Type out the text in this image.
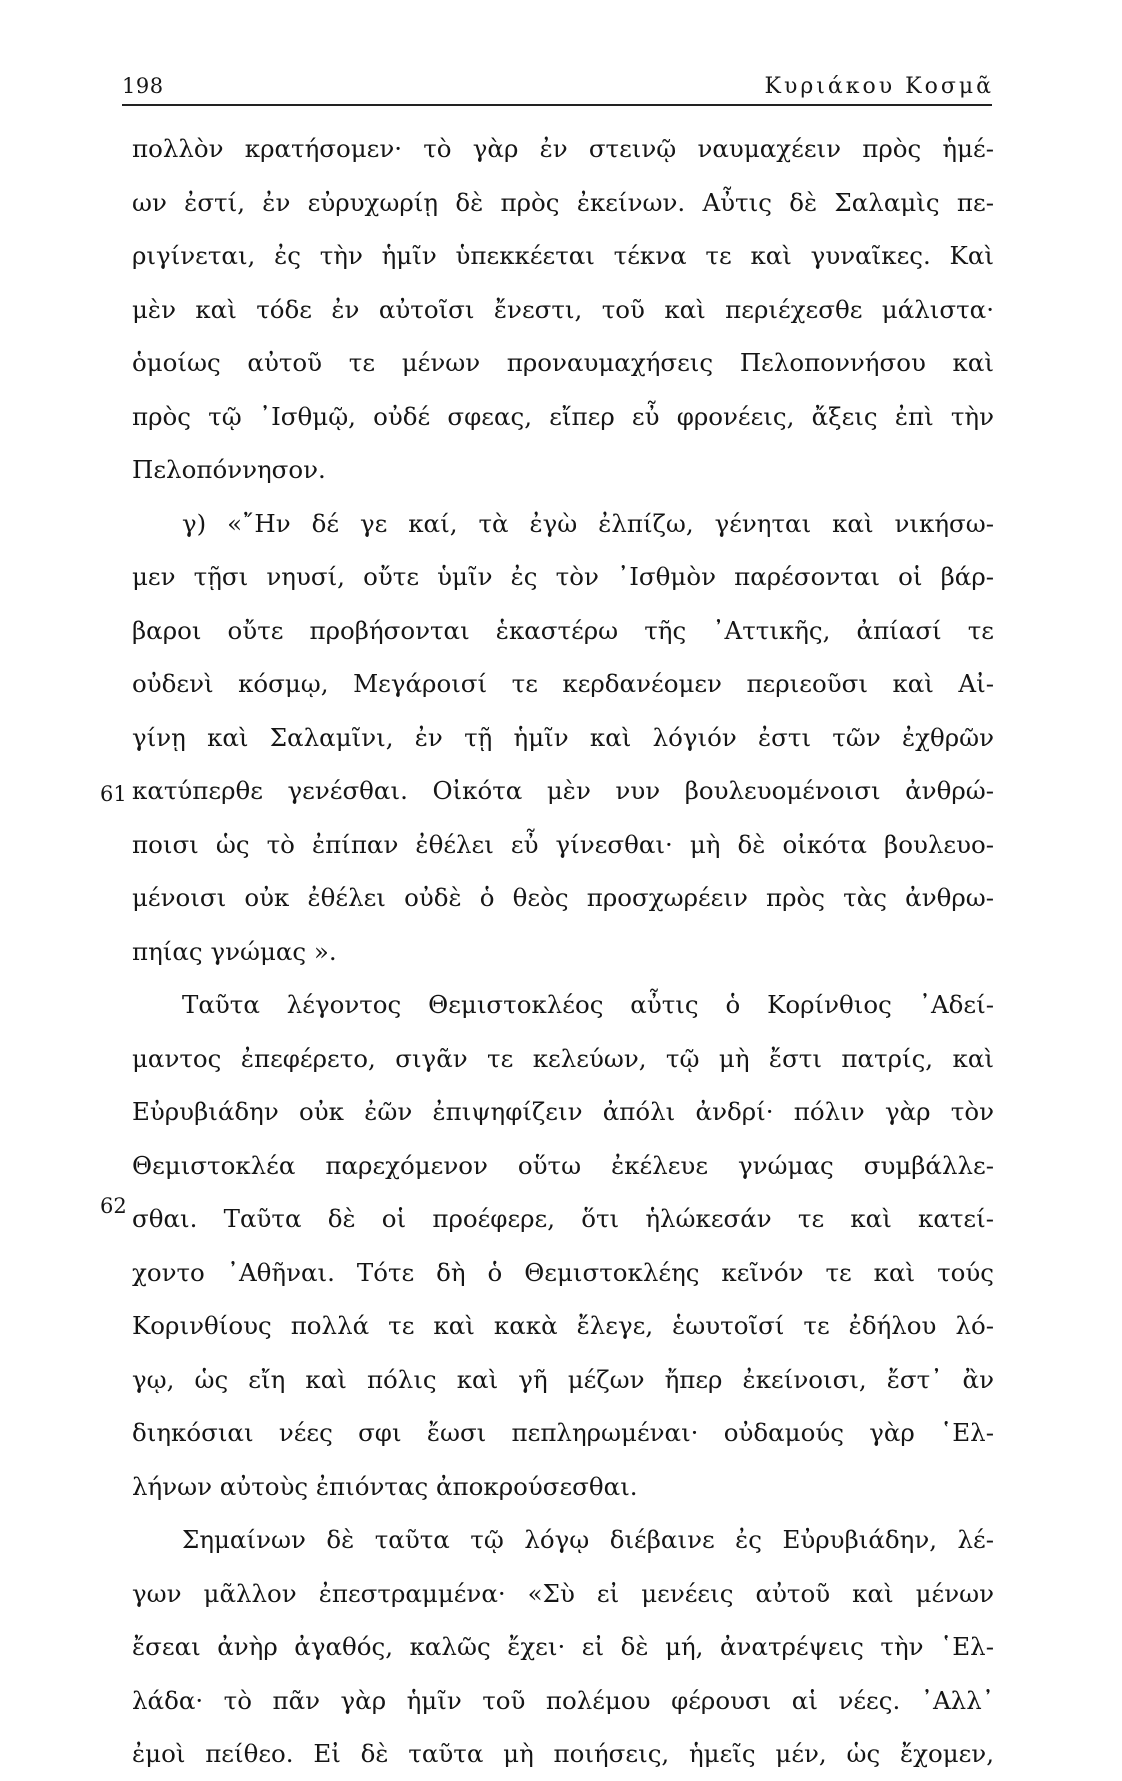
198	Κυριάκου Κοσμᾶ
61
62
πολλὸν κρατήσομεν· τὸ γὰρ ἐν στεινῷ ναυμαχέειν πρὸς ἡμέ-
ων ἐστί, ἐν εὐρυχωρίῃ δὲ πρὸς ἐκείνων. Αὖτις δὲ Σαλαμὶς πε-
ριγίνεται, ἐς τὴν ἡμῖν ὑπεκκέεται τέκνα τε καὶ γυναῖκες. Καὶ
μὲν καὶ τόδε ἐν αὐτοῖσι ἔνεστι, τοῦ καὶ περιέχεσθε μάλιστα·
ὁμοίως αὐτοῦ τε μένων προναυμαχήσεις Πελοποννήσου καὶ
πρὸς τῷ ᾿Ισθμῷ, οὐδέ σφεας, εἴπερ εὖ φρονέεις, ἄξεις ἐπὶ τὴν
Πελοπόννησον.
γ) «῎Ην δέ γε καί, τὰ ἐγὼ ἐλπίζω, γένηται καὶ νικήσω-
μεν τῇσι νηυσί, οὔτε ὑμῖν ἐς τὸν ᾿Ισθμὸν παρέσονται οἱ βάρ-
βαροι οὔτε προβήσονται ἑκαστέρω τῆς ᾿Αττικῆς, ἀπίασί τε
οὐδενὶ κόσμῳ, Μεγάροισί τε κερδανέομεν περιεοῦσι καὶ Αἰ-
γίνῃ καὶ Σαλαμῖνι, ἐν τῇ ἡμῖν καὶ λόγιόν ἐστι τῶν ἐχθρῶν
κατύπερθε γενέσθαι. Οἰκότα μὲν νυν βουλευομένοισι ἀνθρώ-
ποισι ὡς τὸ ἐπίπαν ἐθέλει εὖ γίνεσθαι· μὴ δὲ οἰκότα βουλευο-
μένοισι οὐκ ἐθέλει οὐδὲ ὁ θεὸς προσχωρέειν πρὸς τὰς ἀνθρω-
πηίας γνώμας ».
Ταῦτα λέγοντος Θεμιστοκλέος αὖτις ὁ Κορίνθιος ᾿Αδεί-
μαντος ἐπεφέρετο, σιγᾶν τε κελεύων, τῷ μὴ ἔστι πατρίς, καὶ
Εὐρυβιάδην οὐκ ἐῶν ἐπιψηφίζειν ἀπόλι ἀνδρί· πόλιν γὰρ τὸν
Θεμιστοκλέα παρεχόμενον οὕτω ἐκέλευε γνώμας συμβάλλε-
σθαι. Ταῦτα δὲ οἱ προέφερε, ὅτι ἡλώκεσάν τε καὶ κατεί-
χοντο ᾿Αθῆναι. Τότε δὴ ὁ Θεμιστοκλέης κεῖνόν τε καὶ τούς
Κορινθίους πολλά τε καὶ κακὰ ἔλεγε, ἑωυτοῖσί τε ἐδήλου λό-
γῳ, ὡς εἴη καὶ πόλις καὶ γῆ μέζων ἤπερ ἐκείνοισι, ἔστ᾿ ἂν
διηκόσιαι νέες σφι ἔωσι πεπληρωμέναι· οὐδαμούς γὰρ ῾Ελ-
λήνων αὐτοὺς ἐπιόντας ἀποκρούσεσθαι.
Σημαίνων δὲ ταῦτα τῷ λόγῳ διέβαινε ἐς Εὐρυβιάδην, λέ-
γων μᾶλλον ἐπεστραμμένα· «Σὺ εἰ μενέεις αὐτοῦ καὶ μένων
ἔσεαι ἀνὴρ ἀγαθός, καλῶς ἔχει· εἰ δὲ μή, ἀνατρέψεις τὴν ῾Ελ-
λάδα· τὸ πᾶν γὰρ ἡμῖν τοῦ πολέμου φέρουσι αἱ νέες. ᾿Αλλ᾿
ἐμοὶ πείθεο. Εἰ δὲ ταῦτα μὴ ποιήσεις, ἡμεῖς μέν, ὡς ἔχομεν,
